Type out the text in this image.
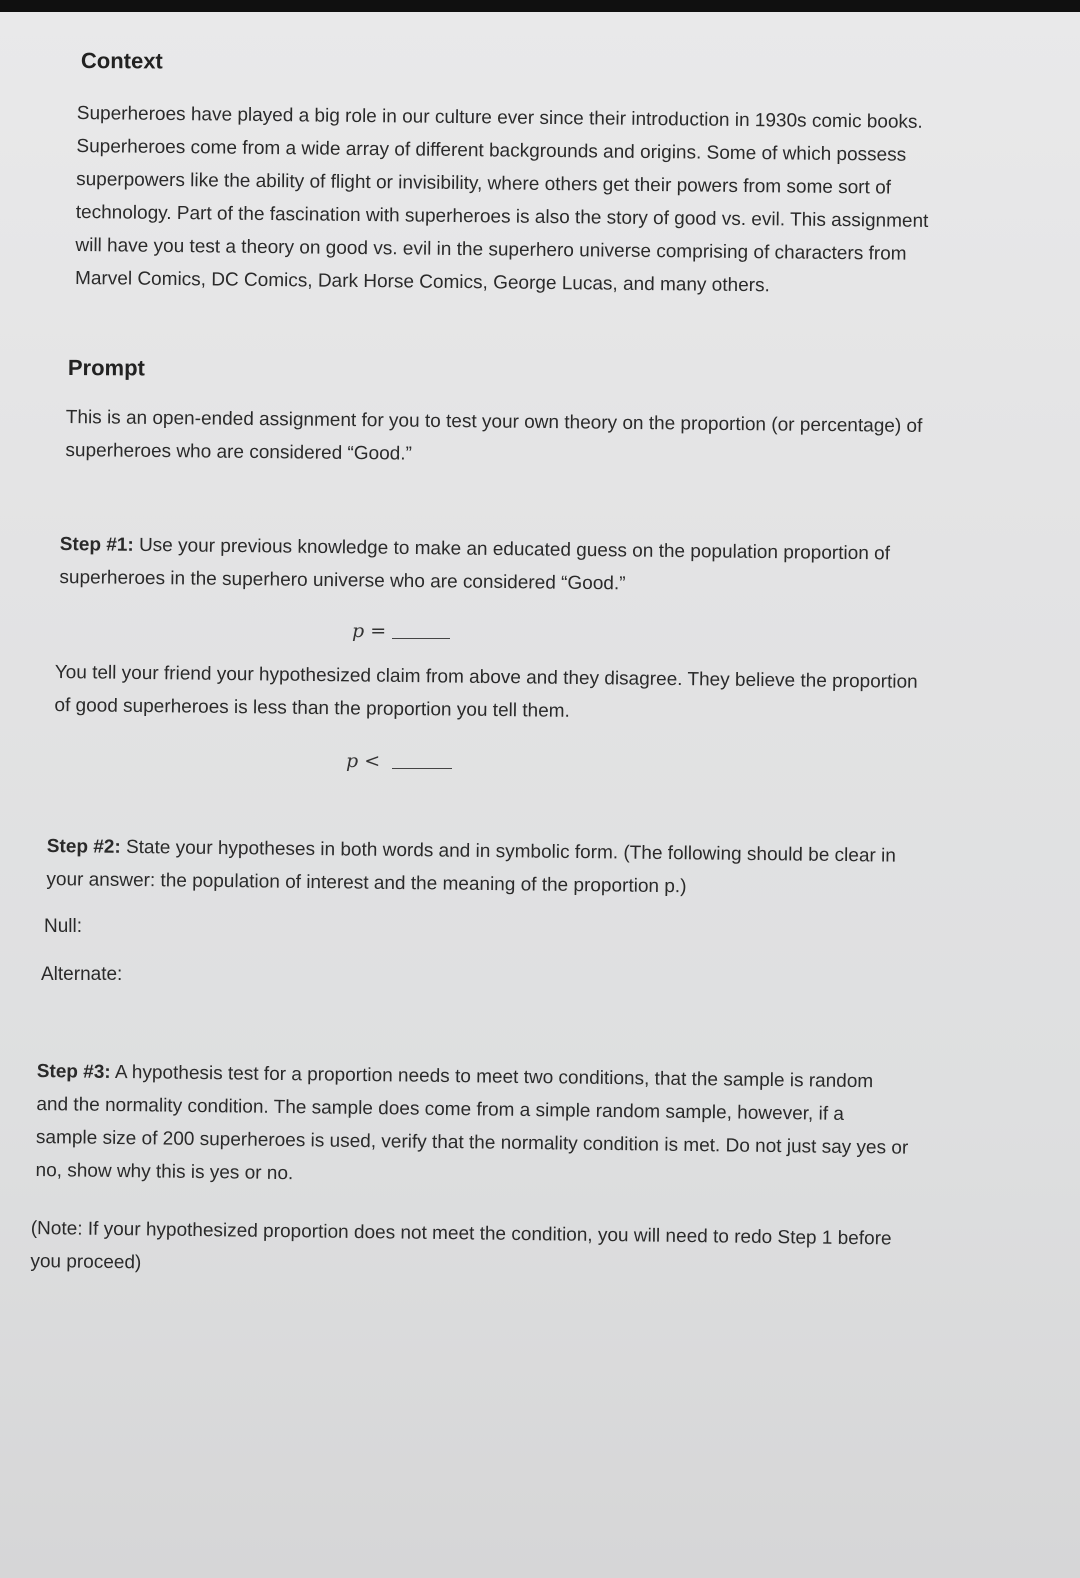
Context

Superheroes have played a big role in our culture ever since their introduction in 1930s comic books.

Superheroes come from a wide array of different backgrounds and origins. Some of which possess

superpowers like the ability of flight or invisibility, where others get their powers from some sort of

technology. Part of the fascination with superheroes is also the story of good vs. evil. This assignment

will have you test a theory on good vs. evil in the superhero universe comprising of characters from

Marvel Comics, DC Comics, Dark Horse Comics, George Lucas, and many others.

Prompt

This is an open-ended assignment for you to test your own theory on the proportion (or percentage) of

superheroes who are considered “Good.”

Step #1: Use your previous knowledge to make an educated guess on the population proportion of

superheroes in the superhero universe who are considered “Good.”

p =

You tell your friend your hypothesized claim from above and they disagree. They believe the proportion

of good superheroes is less than the proportion you tell them.

p <

Step #2: State your hypotheses in both words and in symbolic form. (The following should be clear in

your answer: the population of interest and the meaning of the proportion p.)

Null:
Alternate:

Step #3: A hypothesis test for a proportion needs to meet two conditions, that the sample is random

and the normality condition. The sample does come from a simple random sample, however, if a

sample size of 200 superheroes is used, verify that the normality condition is met. Do not just say yes or

no, show why this is yes or no.

(Note: If your hypothesized proportion does not meet the condition, you will need to redo Step 1 before

you proceed)
